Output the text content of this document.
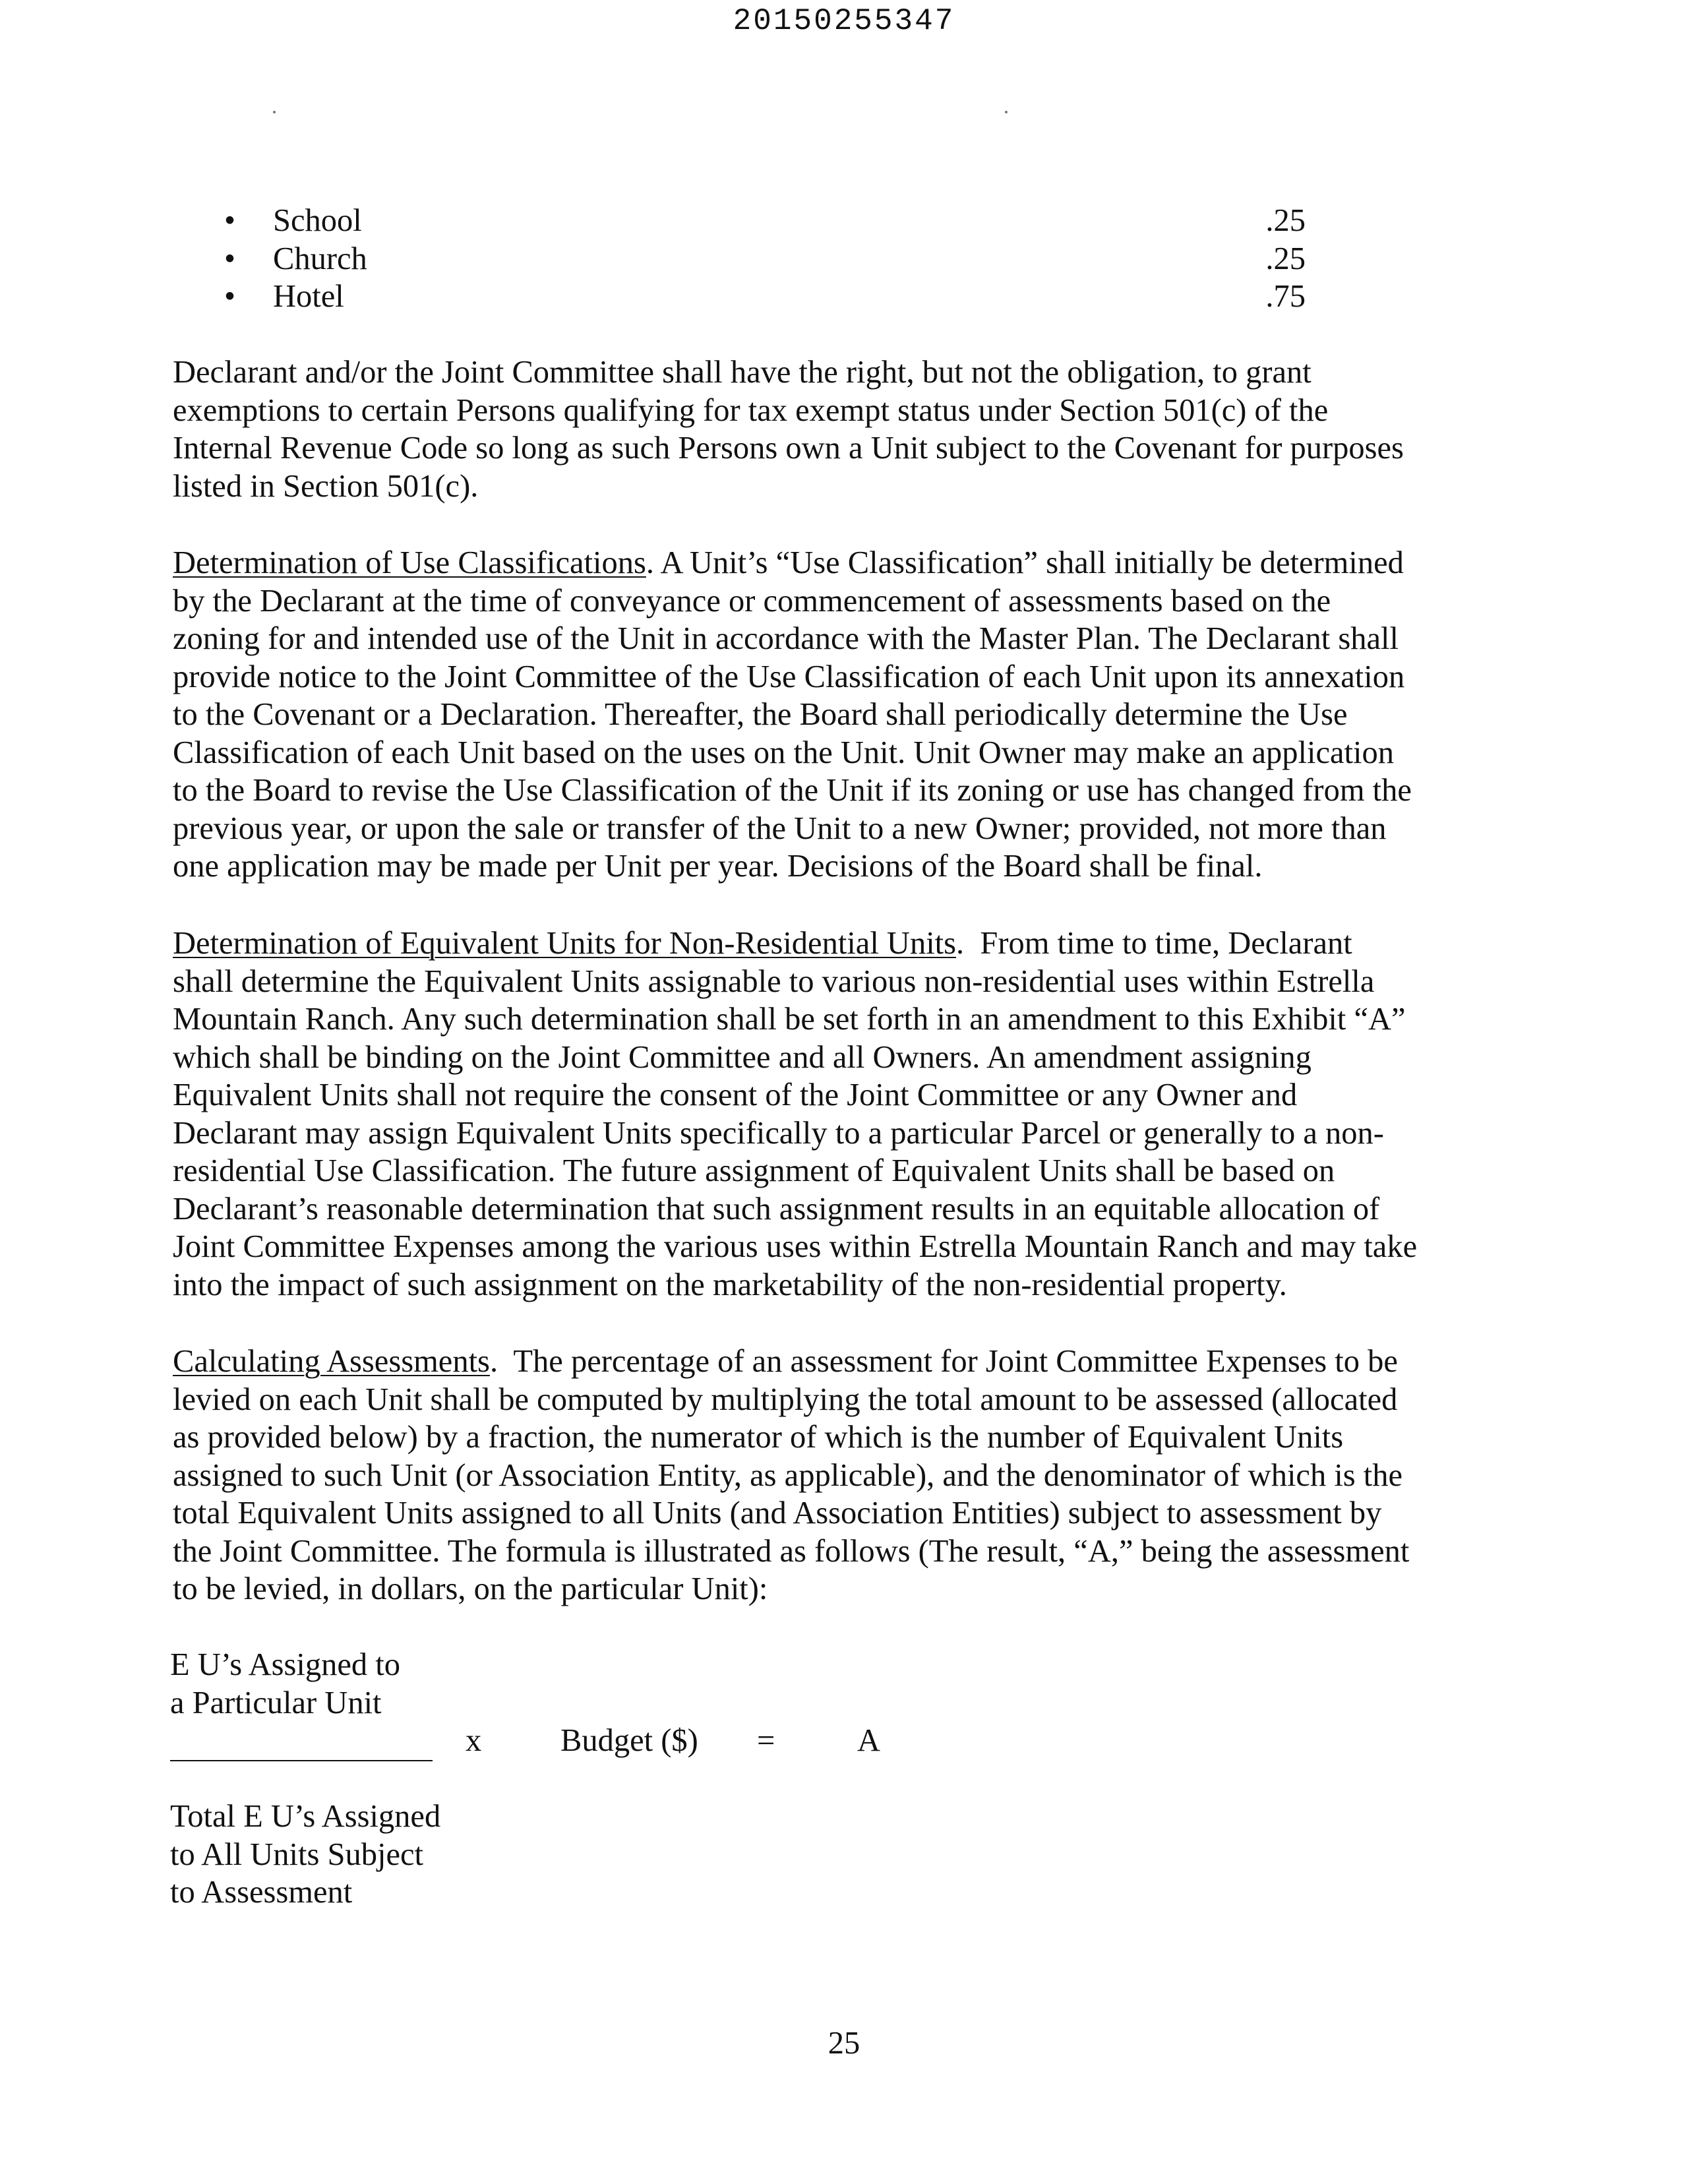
20150255347
• School	.25
• Church	.25
• Hotel	.75

Declarant and/or the Joint Committee shall have the right, but not the obligation, to grant
exemptions to certain Persons qualifying for tax exempt status under Section 501(c) of the
Internal Revenue Code so long as such Persons own a Unit subject to the Covenant for purposes
listed in Section 501(c).

Determination of Use Classifications. A Unit’s “Use Classification” shall initially be determined
by the Declarant at the time of conveyance or commencement of assessments based on the
zoning for and intended use of the Unit in accordance with the Master Plan. The Declarant shall
provide notice to the Joint Committee of the Use Classification of each Unit upon its annexation
to the Covenant or a Declaration. Thereafter, the Board shall periodically determine the Use
Classification of each Unit based on the uses on the Unit. Unit Owner may make an application
to the Board to revise the Use Classification of the Unit if its zoning or use has changed from the
previous year, or upon the sale or transfer of the Unit to a new Owner; provided, not more than
one application may be made per Unit per year. Decisions of the Board shall be final.

Determination of Equivalent Units for Non-Residential Units.  From time to time, Declarant
shall determine the Equivalent Units assignable to various non-residential uses within Estrella
Mountain Ranch. Any such determination shall be set forth in an amendment to this Exhibit “A”
which shall be binding on the Joint Committee and all Owners. An amendment assigning
Equivalent Units shall not require the consent of the Joint Committee or any Owner and
Declarant may assign Equivalent Units specifically to a particular Parcel or generally to a non-
residential Use Classification. The future assignment of Equivalent Units shall be based on
Declarant’s reasonable determination that such assignment results in an equitable allocation of
Joint Committee Expenses among the various uses within Estrella Mountain Ranch and may take
into the impact of such assignment on the marketability of the non-residential property.

Calculating Assessments.  The percentage of an assessment for Joint Committee Expenses to be
levied on each Unit shall be computed by multiplying the total amount to be assessed (allocated
as provided below) by a fraction, the numerator of which is the number of Equivalent Units
assigned to such Unit (or Association Entity, as applicable), and the denominator of which is the
total Equivalent Units assigned to all Units (and Association Entities) subject to assessment by
the Joint Committee. The formula is illustrated as follows (The result, “A,” being the assessment
to be levied, in dollars, on the particular Unit):

E U’s Assigned to
a Particular Unit

x Budget ($) =	A

Total E U’s Assigned
to All Units Subject
to Assessment

25
